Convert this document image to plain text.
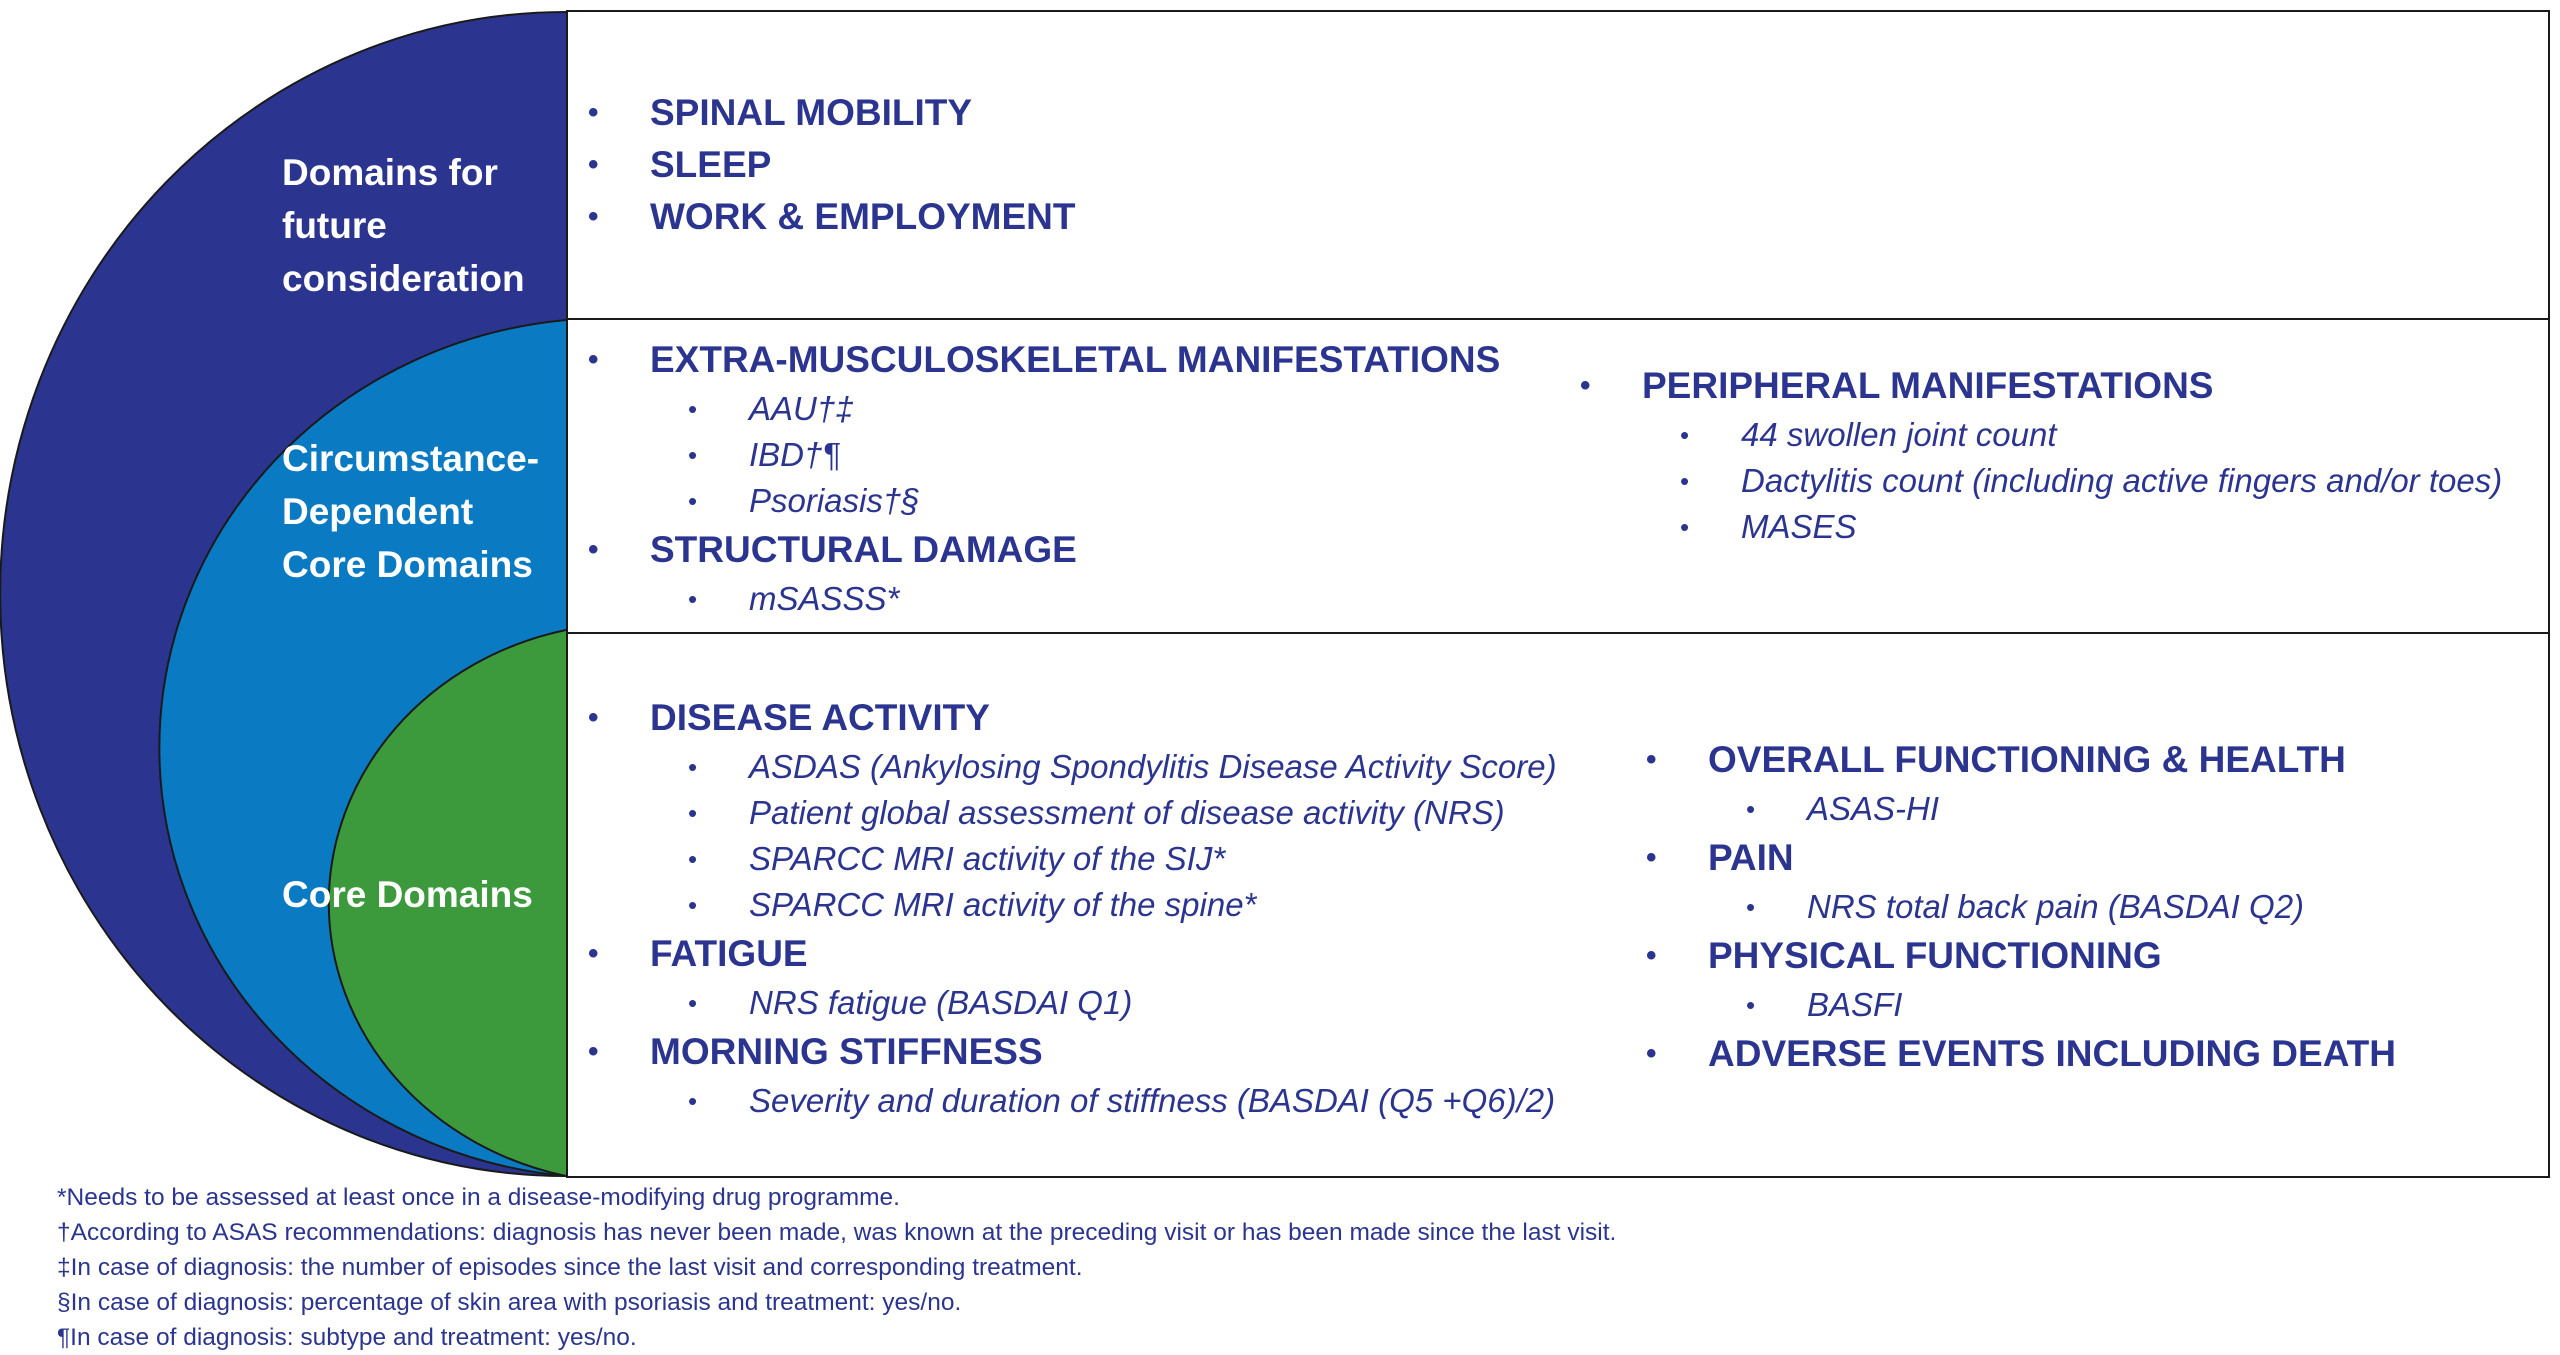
Domains for
future
consideration
Circumstance-
Dependent
Core Domains
Core Domains
• SPINAL MOBILITY
• SLEEP
• WORK & EMPLOYMENT
• EXTRA-MUSCULOSKELETAL MANIFESTATIONS
• AAU†‡
• IBD†¶
• Psoriasis†§
• STRUCTURAL DAMAGE
• mSASSS*
• PERIPHERAL MANIFESTATIONS
• 44 swollen joint count
• Dactylitis count (including active fingers and/or toes)
• MASES
• DISEASE ACTIVITY
• ASDAS (Ankylosing Spondylitis Disease Activity Score)
• Patient global assessment of disease activity (NRS)
• SPARCC MRI activity of the SIJ*
• SPARCC MRI activity of the spine*
• FATIGUE
• NRS fatigue (BASDAI Q1)
• MORNING STIFFNESS
• Severity and duration of stiffness (BASDAI (Q5 +Q6)/2)
• OVERALL FUNCTIONING & HEALTH
• ASAS-HI
• PAIN
• NRS total back pain (BASDAI Q2)
• PHYSICAL FUNCTIONING
• BASFI
• ADVERSE EVENTS INCLUDING DEATH
*Needs to be assessed at least once in a disease-modifying drug programme.
†According to ASAS recommendations: diagnosis has never been made, was known at the preceding visit or has been made since the last visit.
‡In case of diagnosis: the number of episodes since the last visit and corresponding treatment.
§In case of diagnosis: percentage of skin area with psoriasis and treatment: yes/no.
¶In case of diagnosis: subtype and treatment: yes/no.
